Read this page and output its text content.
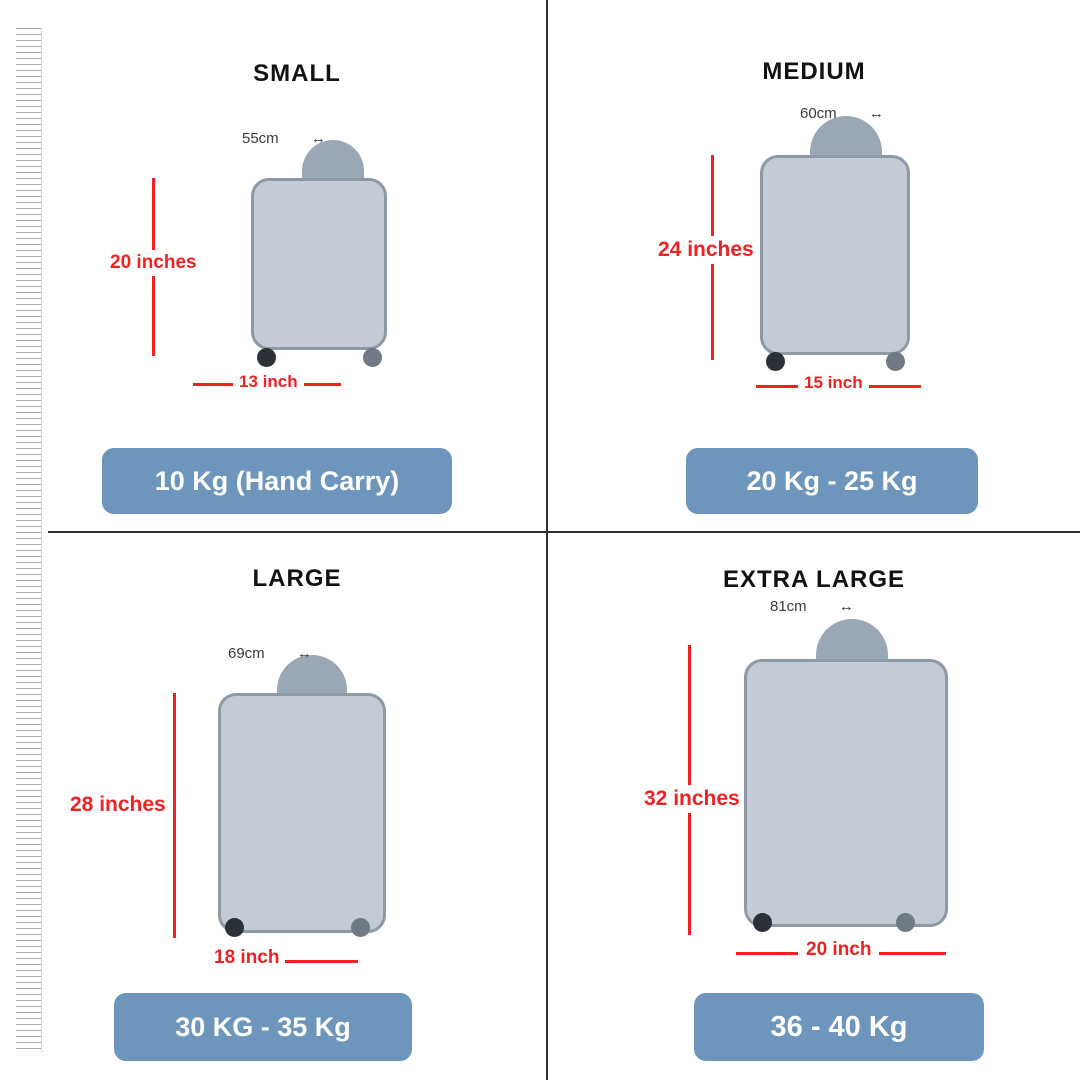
SMALL
55cm ↔
20 inches
13 inch
10 Kg (Hand Carry)
MEDIUM
60cm ↔
24 inches
15 inch
20 Kg - 25 Kg
LARGE
69cm ↔
28 inches
18 inch
30 KG - 35 Kg
EXTRA LARGE
81cm ↔
32 inches
20 inch
36 - 40 Kg
